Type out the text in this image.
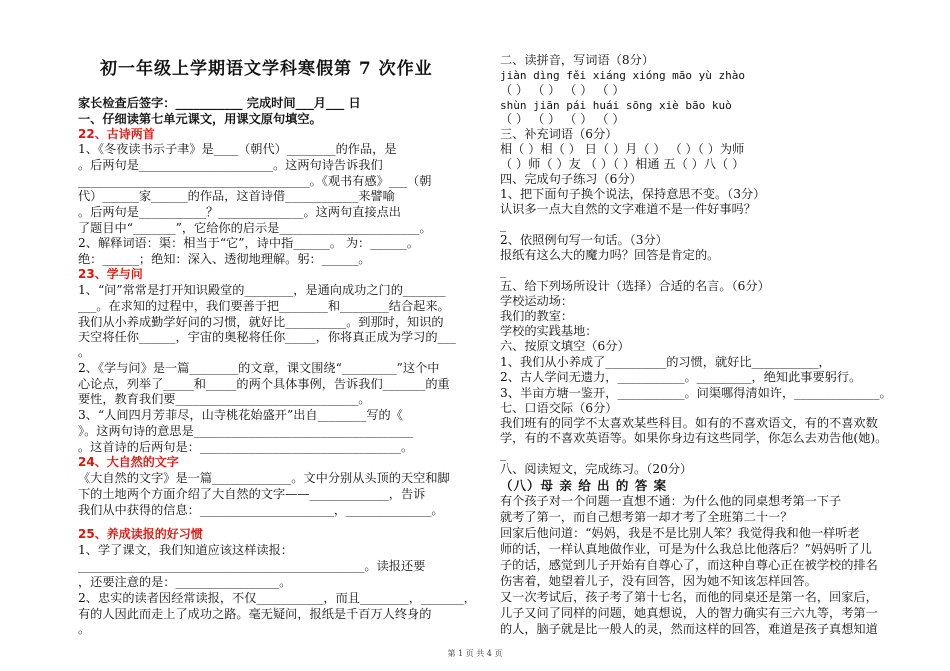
初一年级上学期语文学科寒假第 7 次作业
家长检查后签字：___________ 完成时间___月___ 日
一、仔细读第七单元课文，用课文原句填空。
22、古诗两首
1、《冬夜读书示子聿》是____（朝代）________的作品，是
。后两句是______________________。这两句诗告诉我们
______________________________________。《观书有感》___（朝
代）______家______的作品，这首诗借____________来譬喻
。后两句是___________？______________。这两句直接点出
了题目中“_______”，它给你的启示是_______________________。
2、解释词语：渠：相当于“它”，诗中指______。 为：______。
绝：______；绝知：深入、透彻地理解。躬：______。
23、学与问
1、“问”常常是打开知识殿堂的________，是通向成功之门的_______
___。在求知的过程中，我们要善于把________和________结合起来。
我们从小养成勤学好问的习惯，就好比__________。到那时，知识的
天空将任你______，宇宙的奥秘将任你_____，你将真正成为学习的___
。
2、《学与问》是一篇________的文章，课文围绕“_________”这个中
心论点，列举了_____和_____的两个具体事例，告诉我们_______的重
要性，教育我们要______________________________。
3、“人间四月芳菲尽，山寺桃花始盛开”出自________写的《
》。这两句诗的意思是____________________________________
。这首诗的后两句是：_________________________________。
24、大自然的文字
《大自然的文字》是一篇_____________。文中分别从头顶的天空和脚
下的土地两个方面介绍了大自然的文字——_____________，告诉
我们从中获得的信息：______________________，______________。
25、养成读报的好习惯
1、学了课文，我们知道应该这样读报：
_______________________________________________。读报还要
，还要注意的是：_________________。
2、忠实的读者因经常读报，不仅___________，而且________，_______，
有的人因此而走上了成功之路。毫无疑问，报纸是千百万人终身的
。
二、读拼音，写词语（8分）
jiàn dìng fěi xiáng xióng māo yù zhào
（ ） （ ） （ ） （ ）
shùn jiān pái huái sōng xiè bāo kuò
（ ） （ ） （ ） （ ）
三、补充词语（6分）
相（ ）相（ ） 日（ ）月（ ） （ ）（ ）为师
（ ）师（ ）友 （ ）（ ）相通 五（ ）八（ ）
四、完成句子练习（6分）
1、把下面句子换个说法，保持意思不变。（3分）
认识多一点大自然的文字难道不是一件好事吗？
_
2、依照例句写一句话。（3分）
报纸有这么大的魔力吗？回答是肯定的。
_
五、给下列场所设计（选择）合适的名言。（6分）
学校运动场：
我们的教室：
学校的实践基地：
六、按原文填空（6分）
1、我们从小养成了__________的习惯，就好比___________，
2、古人学问无遗力，___________。_________，绝知此事要躬行。
3、半亩方塘一鉴开，___________。问渠哪得清如许，______________。
七、口语交际（6分）
我们班有的同学不太喜欢某些科目。如有的不喜欢语文，有的不喜欢数
学，有的不喜欢英语等。如果你身边有这些同学，你怎么去劝告他(她)。
_
八、阅读短文，完成练习。（20分）
（八）母 亲 给 出 的 答 案
有个孩子对一个问题一直想不通：为什么他的同桌想考第一下子
就考了第一，而自己想考第一却才考了全班第二十一？
回家后他问道：“妈妈，我是不是比别人笨？我觉得我和他一样听老
师的话，一样认真地做作业，可是为什么我总比他落后？”妈妈听了儿
子的话，感觉到儿子开始有自尊心了，而这种自尊心正在被学校的排名
伤害着，她望着儿子，没有回答，因为她不知该怎样回答。
又一次考试后，孩子考了第十七名，而他的同桌还是第一名，回家后，
儿子又问了同样的问题，她真想说，人的智力确实有三六九等，考第一
的人，脑子就是比一般人的灵，然而这样的回答，难道是孩子真想知道
第 1 页 共 4 页
